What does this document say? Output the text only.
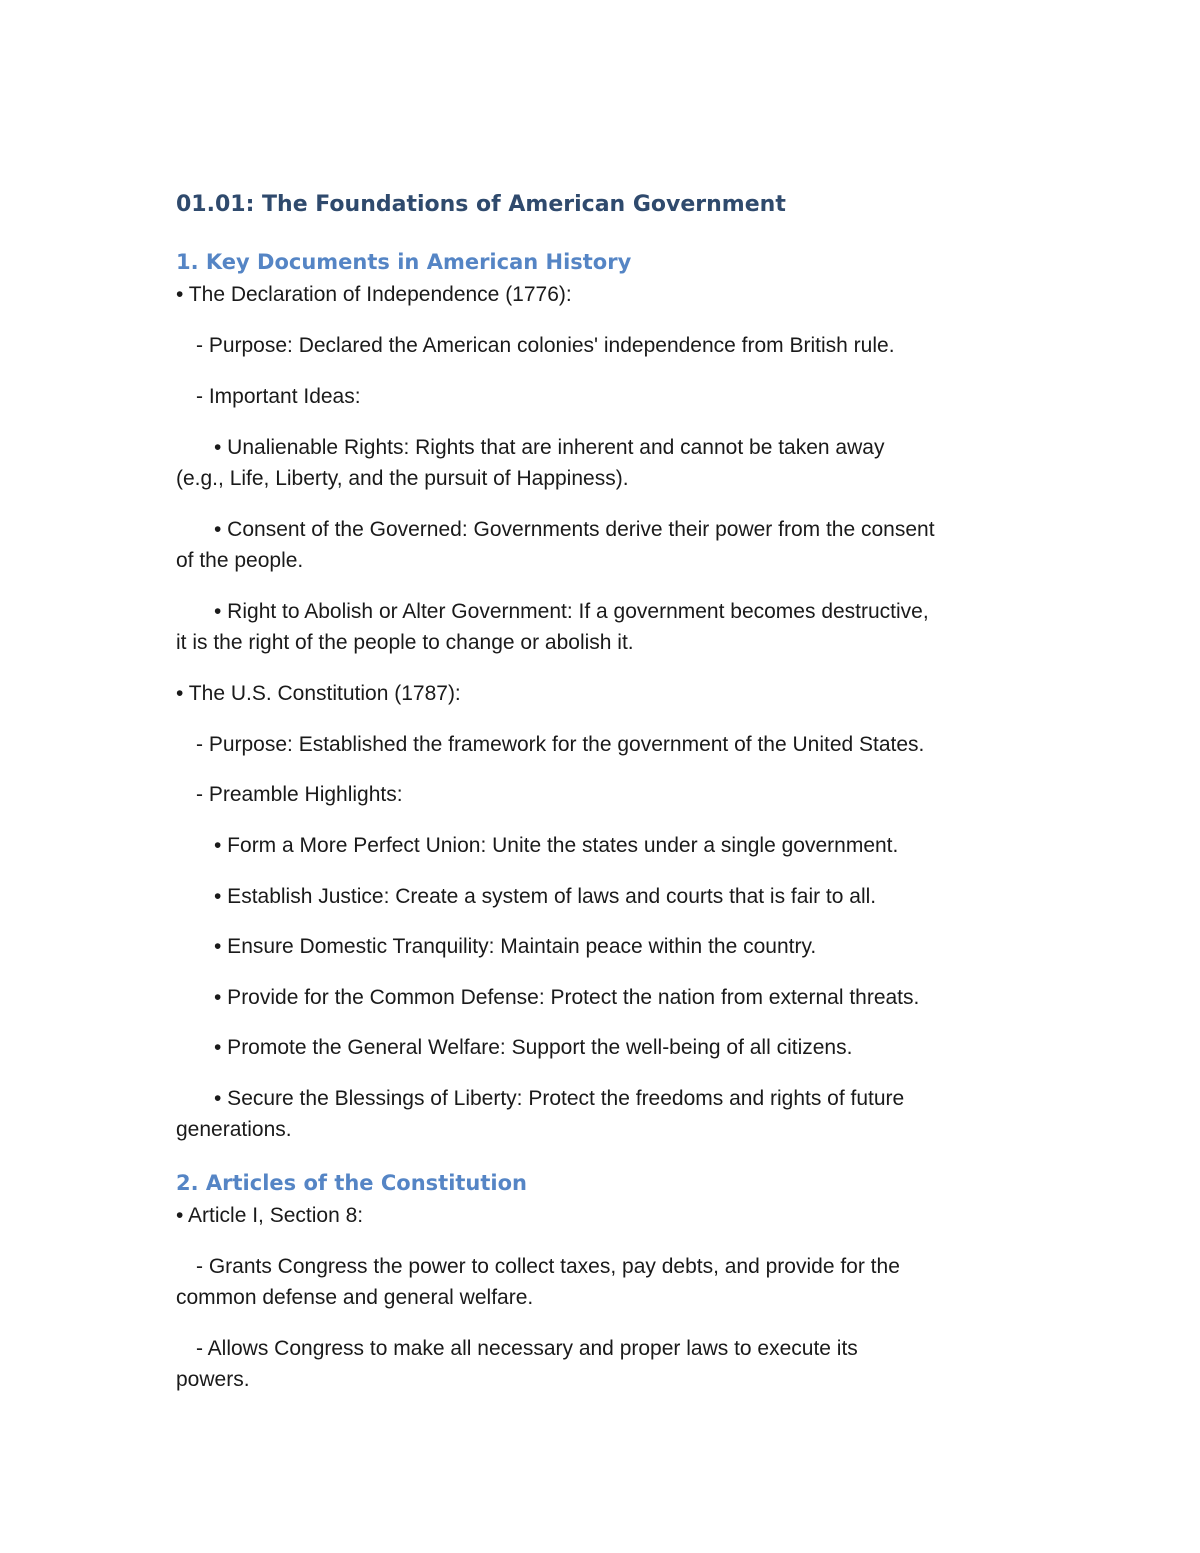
01.01: The Foundations of American Government

1. Key Documents in American History

• The Declaration of Independence (1776):

- Purpose: Declared the American colonies' independence from British rule.

- Important Ideas:

• Unalienable Rights: Rights that are inherent and cannot be taken away

(e.g., Life, Liberty, and the pursuit of Happiness).

• Consent of the Governed: Governments derive their power from the consent

of the people.

• Right to Abolish or Alter Government: If a government becomes destructive,

it is the right of the people to change or abolish it.

• The U.S. Constitution (1787):

- Purpose: Established the framework for the government of the United States.

- Preamble Highlights:

• Form a More Perfect Union: Unite the states under a single government.

• Establish Justice: Create a system of laws and courts that is fair to all.

• Ensure Domestic Tranquility: Maintain peace within the country.

• Provide for the Common Defense: Protect the nation from external threats.

• Promote the General Welfare: Support the well-being of all citizens.

• Secure the Blessings of Liberty: Protect the freedoms and rights of future

generations.

2. Articles of the Constitution

• Article I, Section 8:

- Grants Congress the power to collect taxes, pay debts, and provide for the

common defense and general welfare.

- Allows Congress to make all necessary and proper laws to execute its

powers.
